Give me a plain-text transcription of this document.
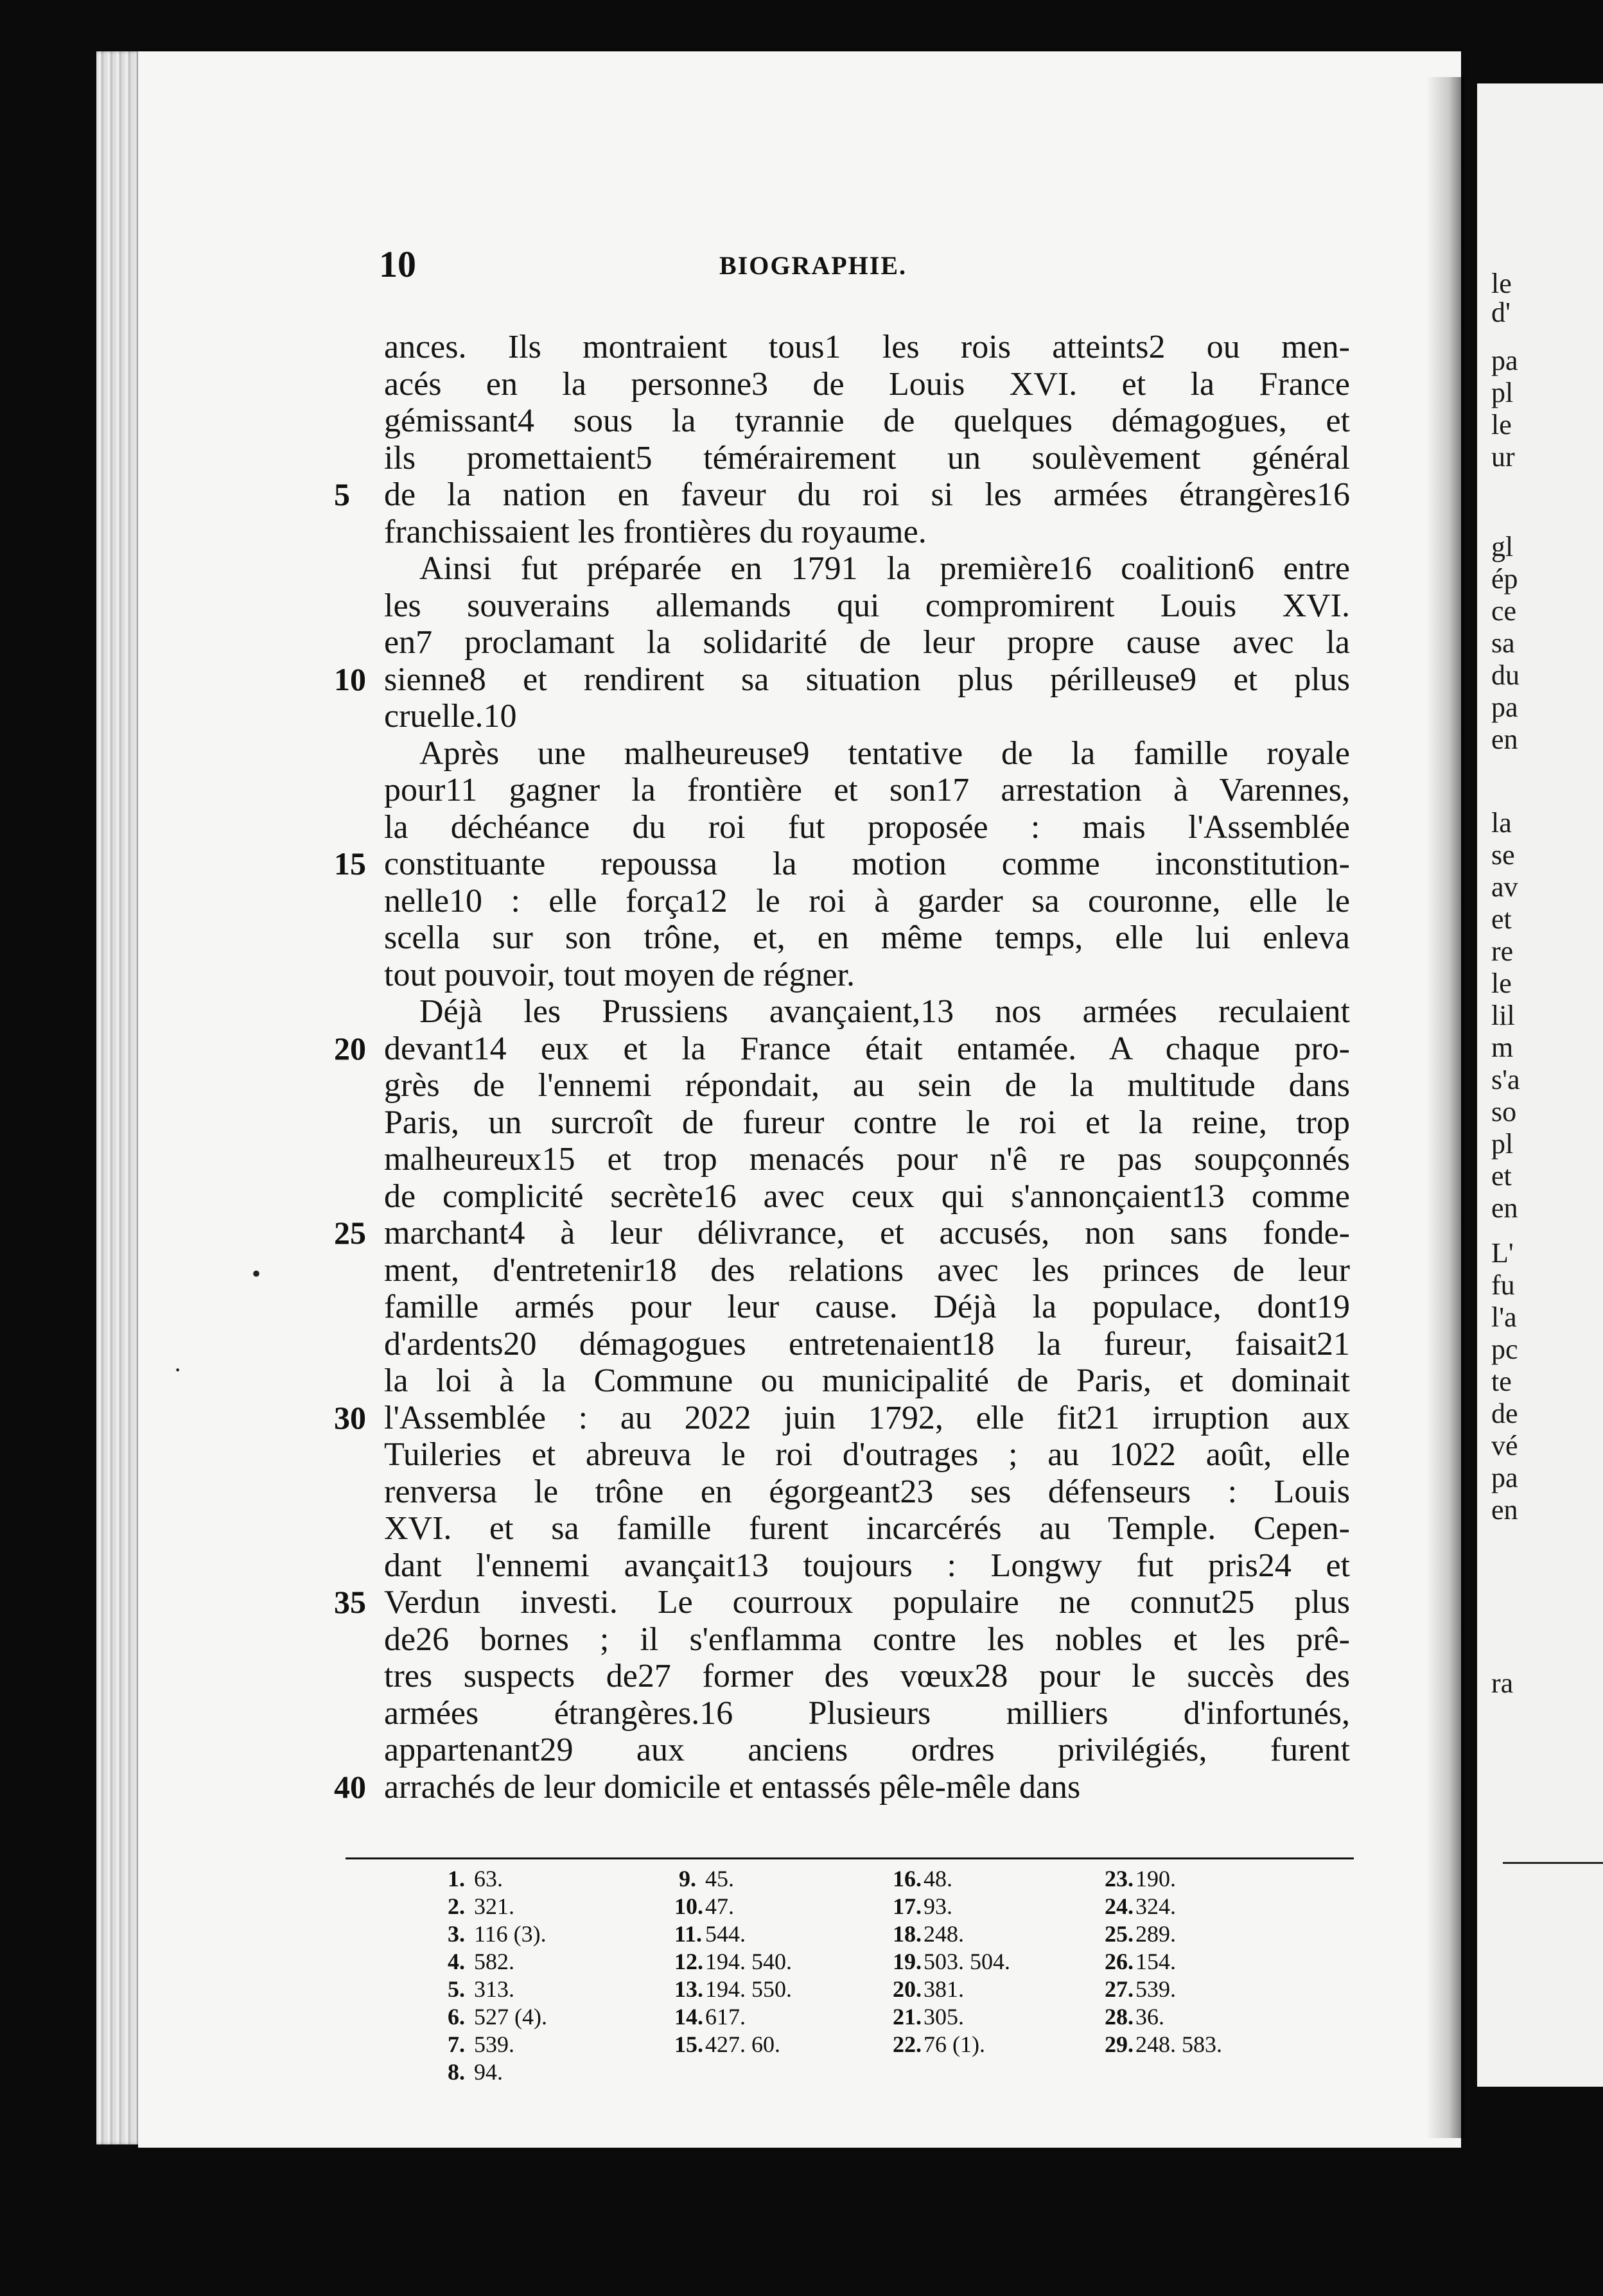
le
d'
pa
pl
le
ur
gl
ép
ce
sa
du
pa
en
la
se
av
et
re
le
lil
m
s'a
so
pl
et
en
L'
fu
l'a
pc
te
de
vé
pa
en
ra
10	BIOGRAPHIE.
5
10
15
20
25
30
35
40
ances. Ils montraient tous1 les rois atteints2 ou men-
acés en la personne3 de Louis XVI. et la France
gémissant4 sous la tyrannie de quelques démagogues, et
ils promettaient5 témérairement un soulèvement général
de la nation en faveur du roi si les armées étrangères16
franchissaient les frontières du royaume.
Ainsi fut préparée en 1791 la première16 coalition6 entre
les souverains allemands qui compromirent Louis XVI.
en7 proclamant la solidarité de leur propre cause avec la
sienne8 et rendirent sa situation plus périlleuse9 et plus
cruelle.10
Après une malheureuse9 tentative de la famille royale
pour11 gagner la frontière et son17 arrestation à Varennes,
la déchéance du roi fut proposée : mais l'Assemblée
constituante repoussa la motion comme inconstitution-
nelle10 : elle força12 le roi à garder sa couronne, elle le
scella sur son trône, et, en même temps, elle lui enleva
tout pouvoir, tout moyen de régner.
Déjà les Prussiens avançaient,13 nos armées reculaient
devant14 eux et la France était entamée. A chaque pro-
grès de l'ennemi répondait, au sein de la multitude dans
Paris, un surcroît de fureur contre le roi et la reine, trop
malheureux15 et trop menacés pour n'ê re pas soupçonnés
de complicité secrète16 avec ceux qui s'annonçaient13 comme
marchant4 à leur délivrance, et accusés, non sans fonde-
ment, d'entretenir18 des relations avec les princes de leur
famille armés pour leur cause. Déjà la populace, dont19
d'ardents20 démagogues entretenaient18 la fureur, faisait21
la loi à la Commune ou municipalité de Paris, et dominait
l'Assemblée : au 2022 juin 1792, elle fit21 irruption aux
Tuileries et abreuva le roi d'outrages ; au 1022 août, elle
renversa le trône en égorgeant23 ses défenseurs : Louis
XVI. et sa famille furent incarcérés au Temple. Cepen-
dant l'ennemi avançait13 toujours : Longwy fut pris24 et
Verdun investi. Le courroux populaire ne connut25 plus
de26 bornes ; il s'enflamma contre les nobles et les prê-
tres suspects de27 former des vœux28 pour le succès des
armées étrangères.16 Plusieurs milliers d'infortunés,
appartenant29 aux anciens ordres privilégiés, furent
arrachés de leur domicile et entassés pêle-mêle dans
1. 63.
2. 321.
3. 116 (3).
4. 582.
5. 313.
6. 527 (4).
7. 539.
8. 94.
9. 45.
10.47.
11. 544.
12.194. 540.
13.194. 550.
14.617.
15.427. 60.
16.48.
17.93.
18.248.
19.503. 504.
20.381.
21.305.
22.76 (1).
23.190.
24.324.
25.289.
26.154.
27.539.
28.36.
29.248. 583.
•
·
